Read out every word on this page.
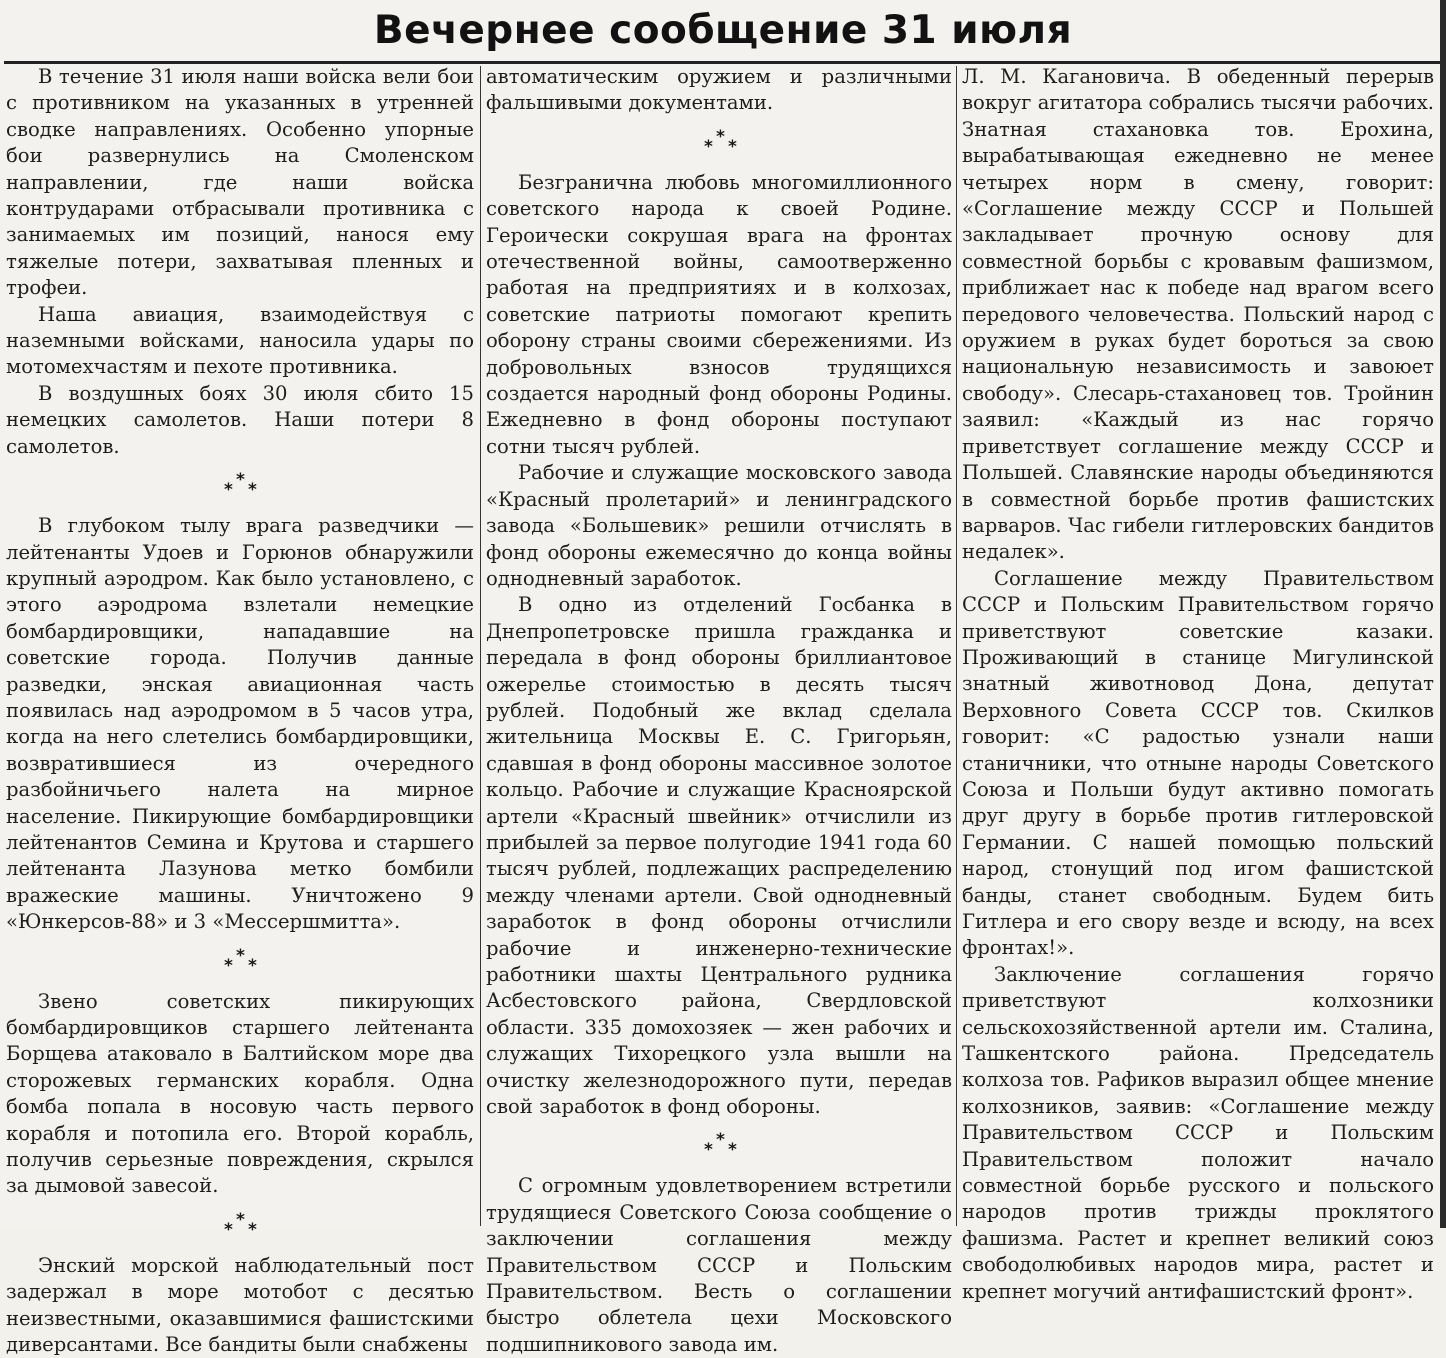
Вечернее сообщение 31 июля

В течение 31 июля наши войска вели бои с противником на указанных в утренней сводке направлениях. Особенно упорные бои развернулись на Смоленском направлении, где наши войска контрударами отбрасывали противника с занимаемых им позиций, нанося ему тяжелые потери, захватывая пленных и трофеи.

Наша авиация, взаимодействуя с наземными войсками, наносила удары по мотомехчастям и пехоте противника.

В воздушных боях 30 июля сбито 15 немецких самолетов. Наши потери 8 самолетов.

* * *

В глубоком тылу врага разведчики — лейтенанты Удоев и Горюнов обнаружили крупный аэродром. Как было установлено, с этого аэродрома взлетали немецкие бомбардировщики, нападавшие на советские города. Получив данные разведки, энская авиационная часть появилась над аэродромом в 5 часов утра, когда на него слетелись бомбардировщики, возвратившиеся из очередного разбойничьего налета на мирное население. Пикирующие бомбардировщики лейтенантов Семина и Крутова и старшего лейтенанта Лазунова метко бомбили вражеские машины. Уничтожено 9 «Юнкерсов-88» и 3 «Мессершмитта».

* * *

Звено советских пикирующих бомбардировщиков старшего лейтенанта Борщева атаковало в Балтийском море два сторожевых германских корабля. Одна бомба попала в носовую часть первого корабля и потопила его. Второй корабль, получив серьезные повреждения, скрылся за дымовой завесой.

* * *

Энский морской наблюдательный пост задержал в море мотобот с десятью неизвестными, оказавшимися фашистскими диверсантами. Все бандиты были снабжены

автоматическим оружием и различными фальшивыми документами.

* * *

Безгранична любовь многомиллионного советского народа к своей Родине. Героически сокрушая врага на фронтах отечественной войны, самоотверженно работая на предприятиях и в колхозах, советские патриоты помогают крепить оборону страны своими сбережениями. Из добровольных взносов трудящихся создается народный фонд обороны Родины. Ежедневно в фонд обороны поступают сотни тысяч рублей.

Рабочие и служащие московского завода «Красный пролетарий» и ленинградского завода «Большевик» решили отчислять в фонд обороны ежемесячно до конца войны однодневный заработок.

В одно из отделений Госбанка в Днепропетровске пришла гражданка и передала в фонд обороны бриллиантовое ожерелье стоимостью в десять тысяч рублей. Подобный же вклад сделала жительница Москвы Е. С. Григорьян, сдавшая в фонд обороны массивное золотое кольцо. Рабочие и служащие Красноярской артели «Красный швейник» отчислили из прибылей за первое полугодие 1941 года 60 тысяч рублей, подлежащих распределению между членами артели. Свой однодневный заработок в фонд обороны отчислили рабочие и инженерно-технические работники шахты Центрального рудника Асбестовского района, Свердловской области. 335 домохозяек — жен рабочих и служащих Тихорецкого узла вышли на очистку железнодорожного пути, передав свой заработок в фонд обороны.

* * *

С огромным удовлетворением встретили трудящиеся Советского Союза сообщение о заключении соглашения между Правительством СССР и Польским Правительством. Весть о соглашении быстро облетела цехи Московского подшипникового завода им.

Л. М. Кагановича. В обеденный перерыв вокруг агитатора собрались тысячи рабочих. Знатная стахановка тов. Ерохина, вырабатывающая ежедневно не менее четырех норм в смену, говорит: «Соглашение между СССР и Польшей закладывает прочную основу для совместной борьбы с кровавым фашизмом, приближает нас к победе над врагом всего передового человечества. Польский народ с оружием в руках будет бороться за свою национальную независимость и завоюет свободу». Слесарь-стахановец тов. Тройнин заявил: «Каждый из нас горячо приветствует соглашение между СССР и Польшей. Славянские народы объединяются в совместной борьбе против фашистских варваров. Час гибели гитлеровских бандитов недалек».

Соглашение между Правительством СССР и Польским Правительством горячо приветствуют советские казаки. Проживающий в станице Мигулинской знатный животновод Дона, депутат Верховного Совета СССР тов. Скилков говорит: «С радостью узнали наши станичники, что отныне народы Советского Союза и Польши будут активно помогать друг другу в борьбе против гитлеровской Германии. С нашей помощью польский народ, стонущий под игом фашистской банды, станет свободным. Будем бить Гитлера и его свору везде и всюду, на всех фронтах!».

Заключение соглашения горячо приветствуют колхозники сельскохозяйственной артели им. Сталина, Ташкентского района. Председатель колхоза тов. Рафиков выразил общее мнение колхозников, заявив: «Соглашение между Правительством СССР и Польским Правительством положит начало совместной борьбе русского и польского народов против трижды проклятого фашизма. Растет и крепнет великий союз свободолюбивых народов мира, растет и крепнет могучий антифашистский фронт».
